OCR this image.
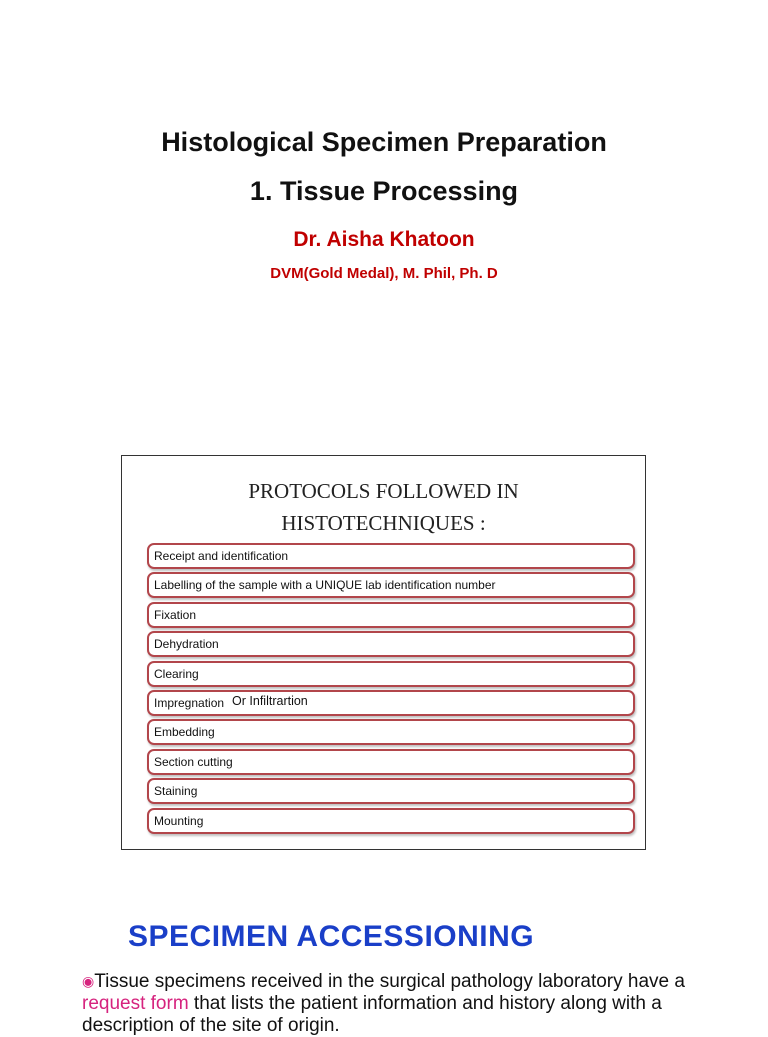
Histological Specimen Preparation
1. Tissue Processing

Dr. Aisha Khatoon

DVM(Gold Medal), M. Phil, Ph. D

PROTOCOLS FOLLOWED IN
HISTOTECHNIQUES :
Receipt and identification
Labelling of the sample with a UNIQUE lab identification number
Fixation
Dehydration
Clearing
Impregnation Or Infiltrartion
Embedding
Section cutting
Staining
Mounting
SPECIMEN ACCESSIONING

◉Tissue specimens received in the surgical pathology laboratory have a request form that lists the patient information and history along with a description of the site of origin.
